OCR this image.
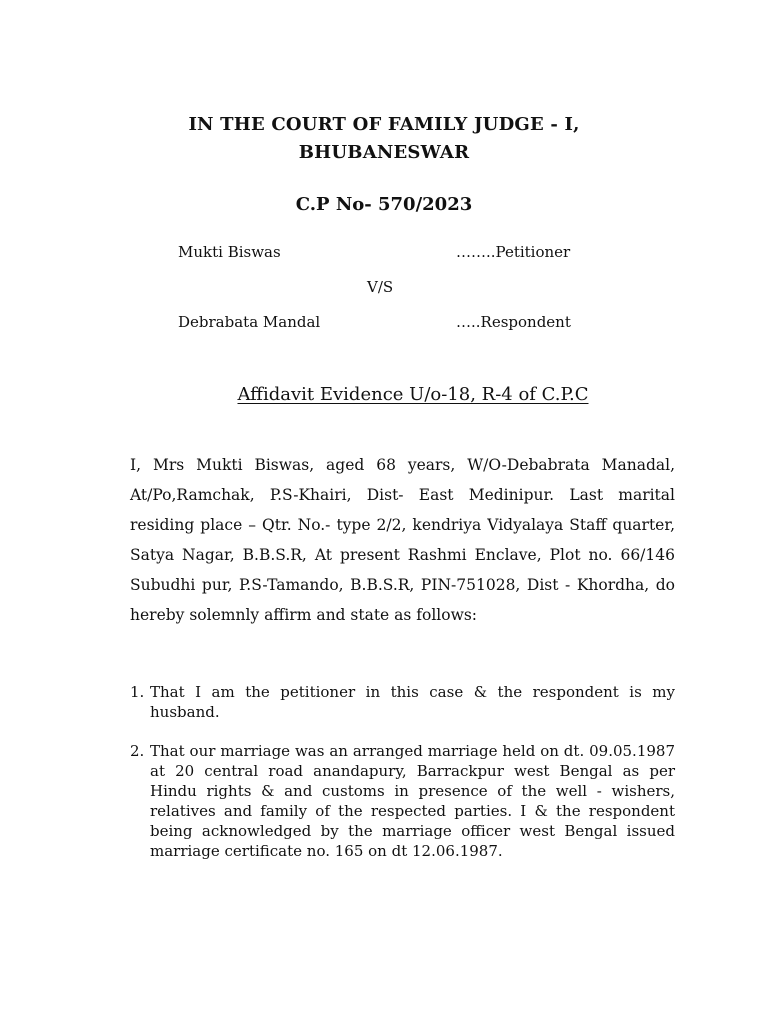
IN THE COURT OF FAMILY JUDGE - I,
BHUBANESWAR
C.P No- 570/2023
Mukti Biswas	……..Petitioner
V/S
Debrabata Mandal	…..Respondent
Affidavit Evidence U/o-18, R-4 of C.P.C

I, Mrs Mukti Biswas, aged 68 years, W/O-Debabrata Manadal, At/Po,Ramchak, P.S-Khairi, Dist- East Medinipur. Last marital residing place – Qtr. No.- type 2/2, kendriya Vidyalaya Staff quarter, Satya Nagar, B.B.S.R, At present Rashmi Enclave, Plot no. 66/146 Subudhi pur, P.S-Tamando, B.B.S.R, PIN-751028, Dist - Khordha, do hereby solemnly affirm and state as follows:

1. That I am the petitioner in this case & the respondent is my husband.
2. That our marriage was an arranged marriage held on dt. 09.05.1987 at 20 central road anandapury, Barrackpur west Bengal as per Hindu rights & and customs in presence of the well - wishers, relatives and family of the respected parties. I & the respondent being acknowledged by the marriage officer west Bengal issued marriage certificate no. 165 on dt 12.06.1987.
